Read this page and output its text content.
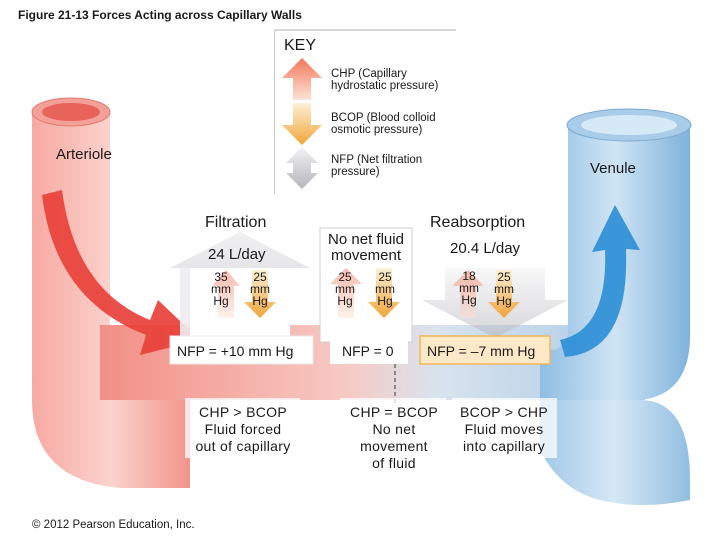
Figure 21-13 Forces Acting across Capillary Walls
KEY
CHP (Capillary
hydrostatic pressure)
BCOP (Blood colloid
osmotic pressure)
NFP (Net filtration
pressure)
Arteriole
Venule
Filtration
24 L/day
35
mm
Hg
25
mm
Hg
NFP = +10 mm Hg
CHP > BCOP
Fluid forced
out of capillary
No net fluid
movement
25
mm
Hg
25
mm
Hg
NFP = 0
CHP = BCOP
No net
movement
of fluid
Reabsorption
20.4 L/day
18
mm
Hg
25
mm
Hg
NFP = –7 mm Hg
BCOP > CHP
Fluid moves
into capillary
© 2012 Pearson Education, Inc.
